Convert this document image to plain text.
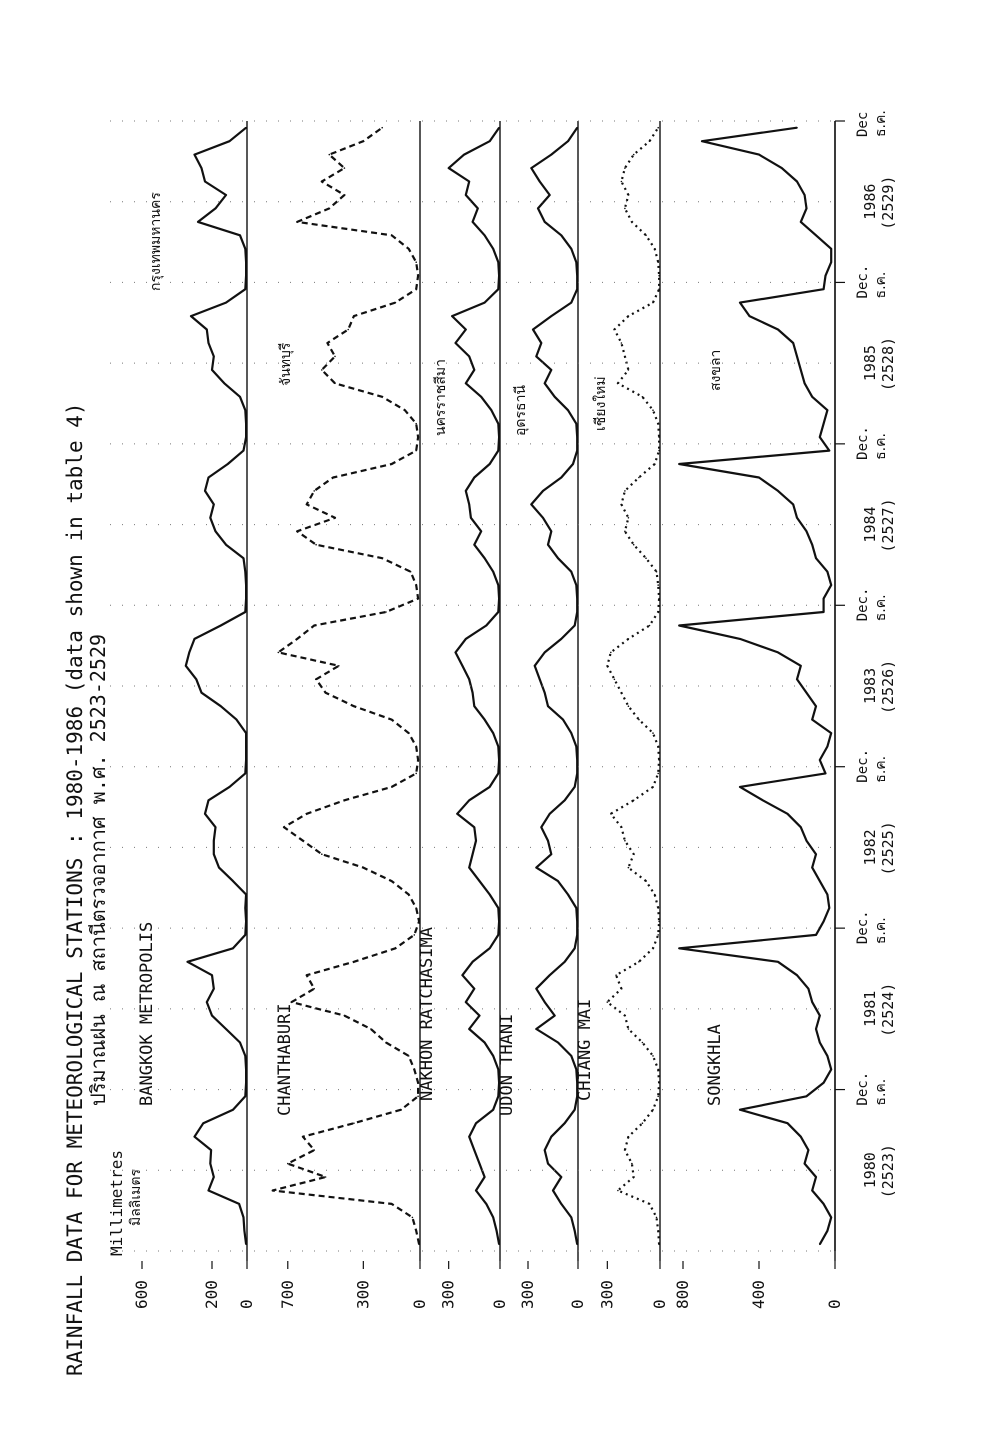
RAINFALL DATA FOR METEOROLOGICAL STATIONS : 1980-1986 (data shown in table 4) ปริมาณฝน ณ สถานีตรวจอากาศ พ.ศ. 2523-2529
Millimetres มิลลิเมตร
0
200
600
BANGKOK METROPOLIS
กรุงเทพมหานคร
0
300
700
CHANTHABURI
จันทบุรี
0
300
NAKHON RATCHASIMA
นครราชสีมา
0
300
UDON THANI
อุดรธานี
0
300
CHIANG MAI
เชียงใหม่
0
400
800
SONGKHLA
สงขลา
1980 (2523)
Dec. ธ.ค.
1981 (2524)
Dec. ธ.ค.
1982 (2525)
Dec. ธ.ค.
1983 (2526)
Dec. ธ.ค.
1984 (2527)
Dec. ธ.ค.
1985 (2528)
Dec. ธ.ค.
1986 (2529)
Dec ธ.ค.
